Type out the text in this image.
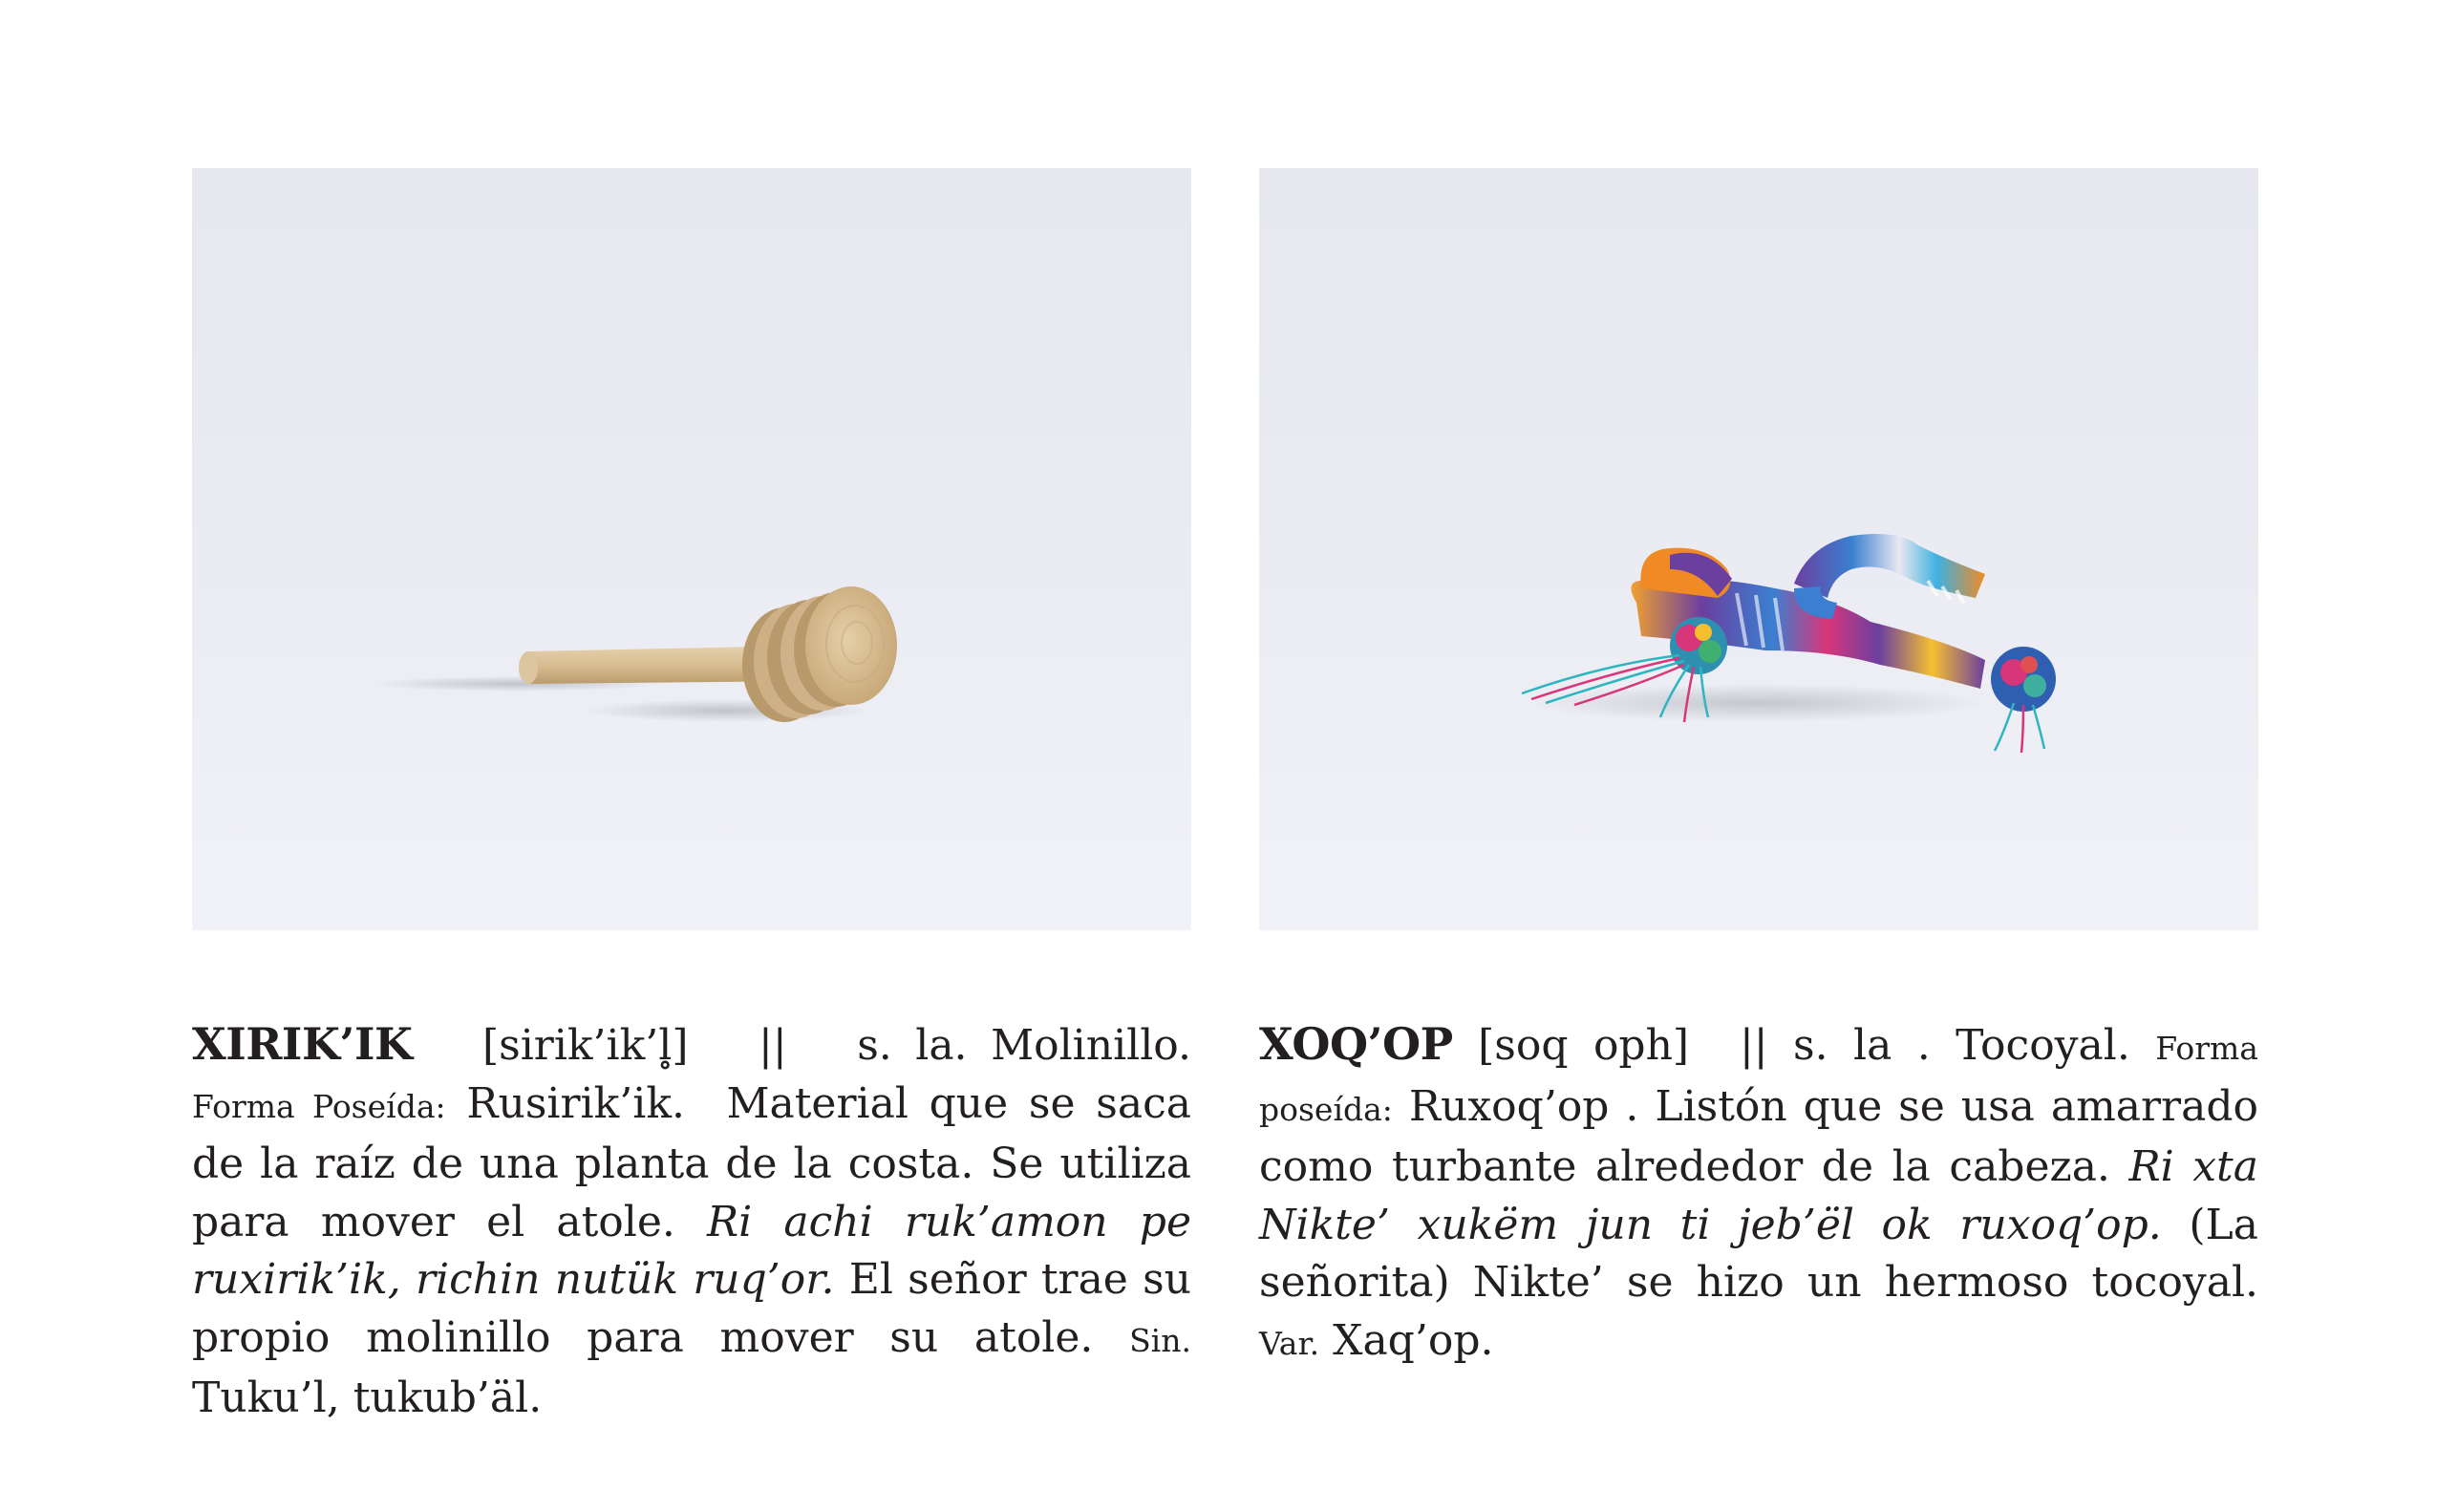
XIRIK’IK [sirik’ik’l̥] || s. la. Molinillo. Forma Poseída: Rusirik’ik. Material que se saca de la raíz de una planta de la costa. Se utiliza para mover el atole. Ri achi ruk’amon pe ruxirik’ik, richin nutük ruq’or. El señor trae su propio molinillo para mover su atole. Sin. Tuku’l, tukub’äl.
XOQ’OP [soq oph] || s. la . Tocoyal. Forma poseída: Ruxoq’op . Listón que se usa amarrado como turbante alrededor de la cabeza. Ri xta Nikte’ xukëm jun ti jeb’ël ok ruxoq’op. (La señorita) Nikte’ se hizo un hermoso tocoyal. Var. Xaq’op.
